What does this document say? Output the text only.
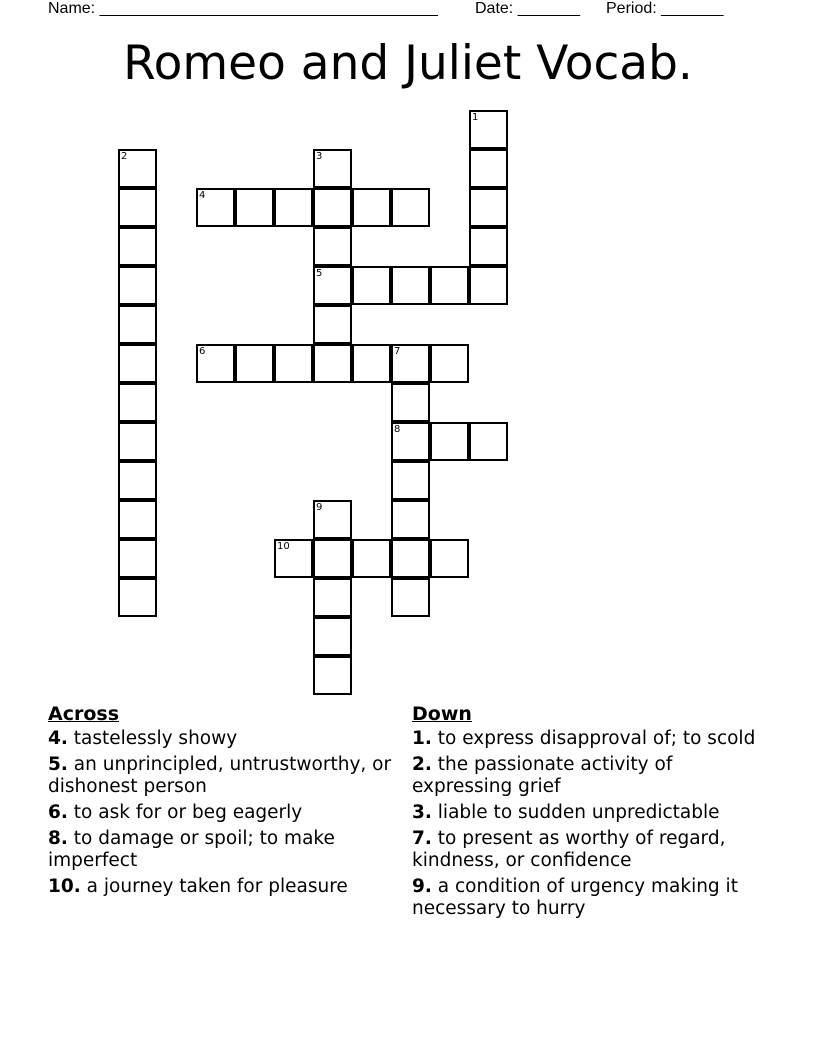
Name: ______________________________________ Date: _______ Period: _______
Romeo and Juliet Vocab.
1
2	3
5
4
6	7
8
9
10
Across
4. tastelessly showy
5. an unprincipled, untrustworthy, or dishonest person
6. to ask for or beg eagerly
8. to damage or spoil; to make imperfect
10. a journey taken for pleasure
Down
1. to express disapproval of; to scold
2. the passionate activity of expressing grief
3. liable to sudden unpredictable
7. to present as worthy of regard, kindness, or confidence
9. a condition of urgency making it necessary to hurry
